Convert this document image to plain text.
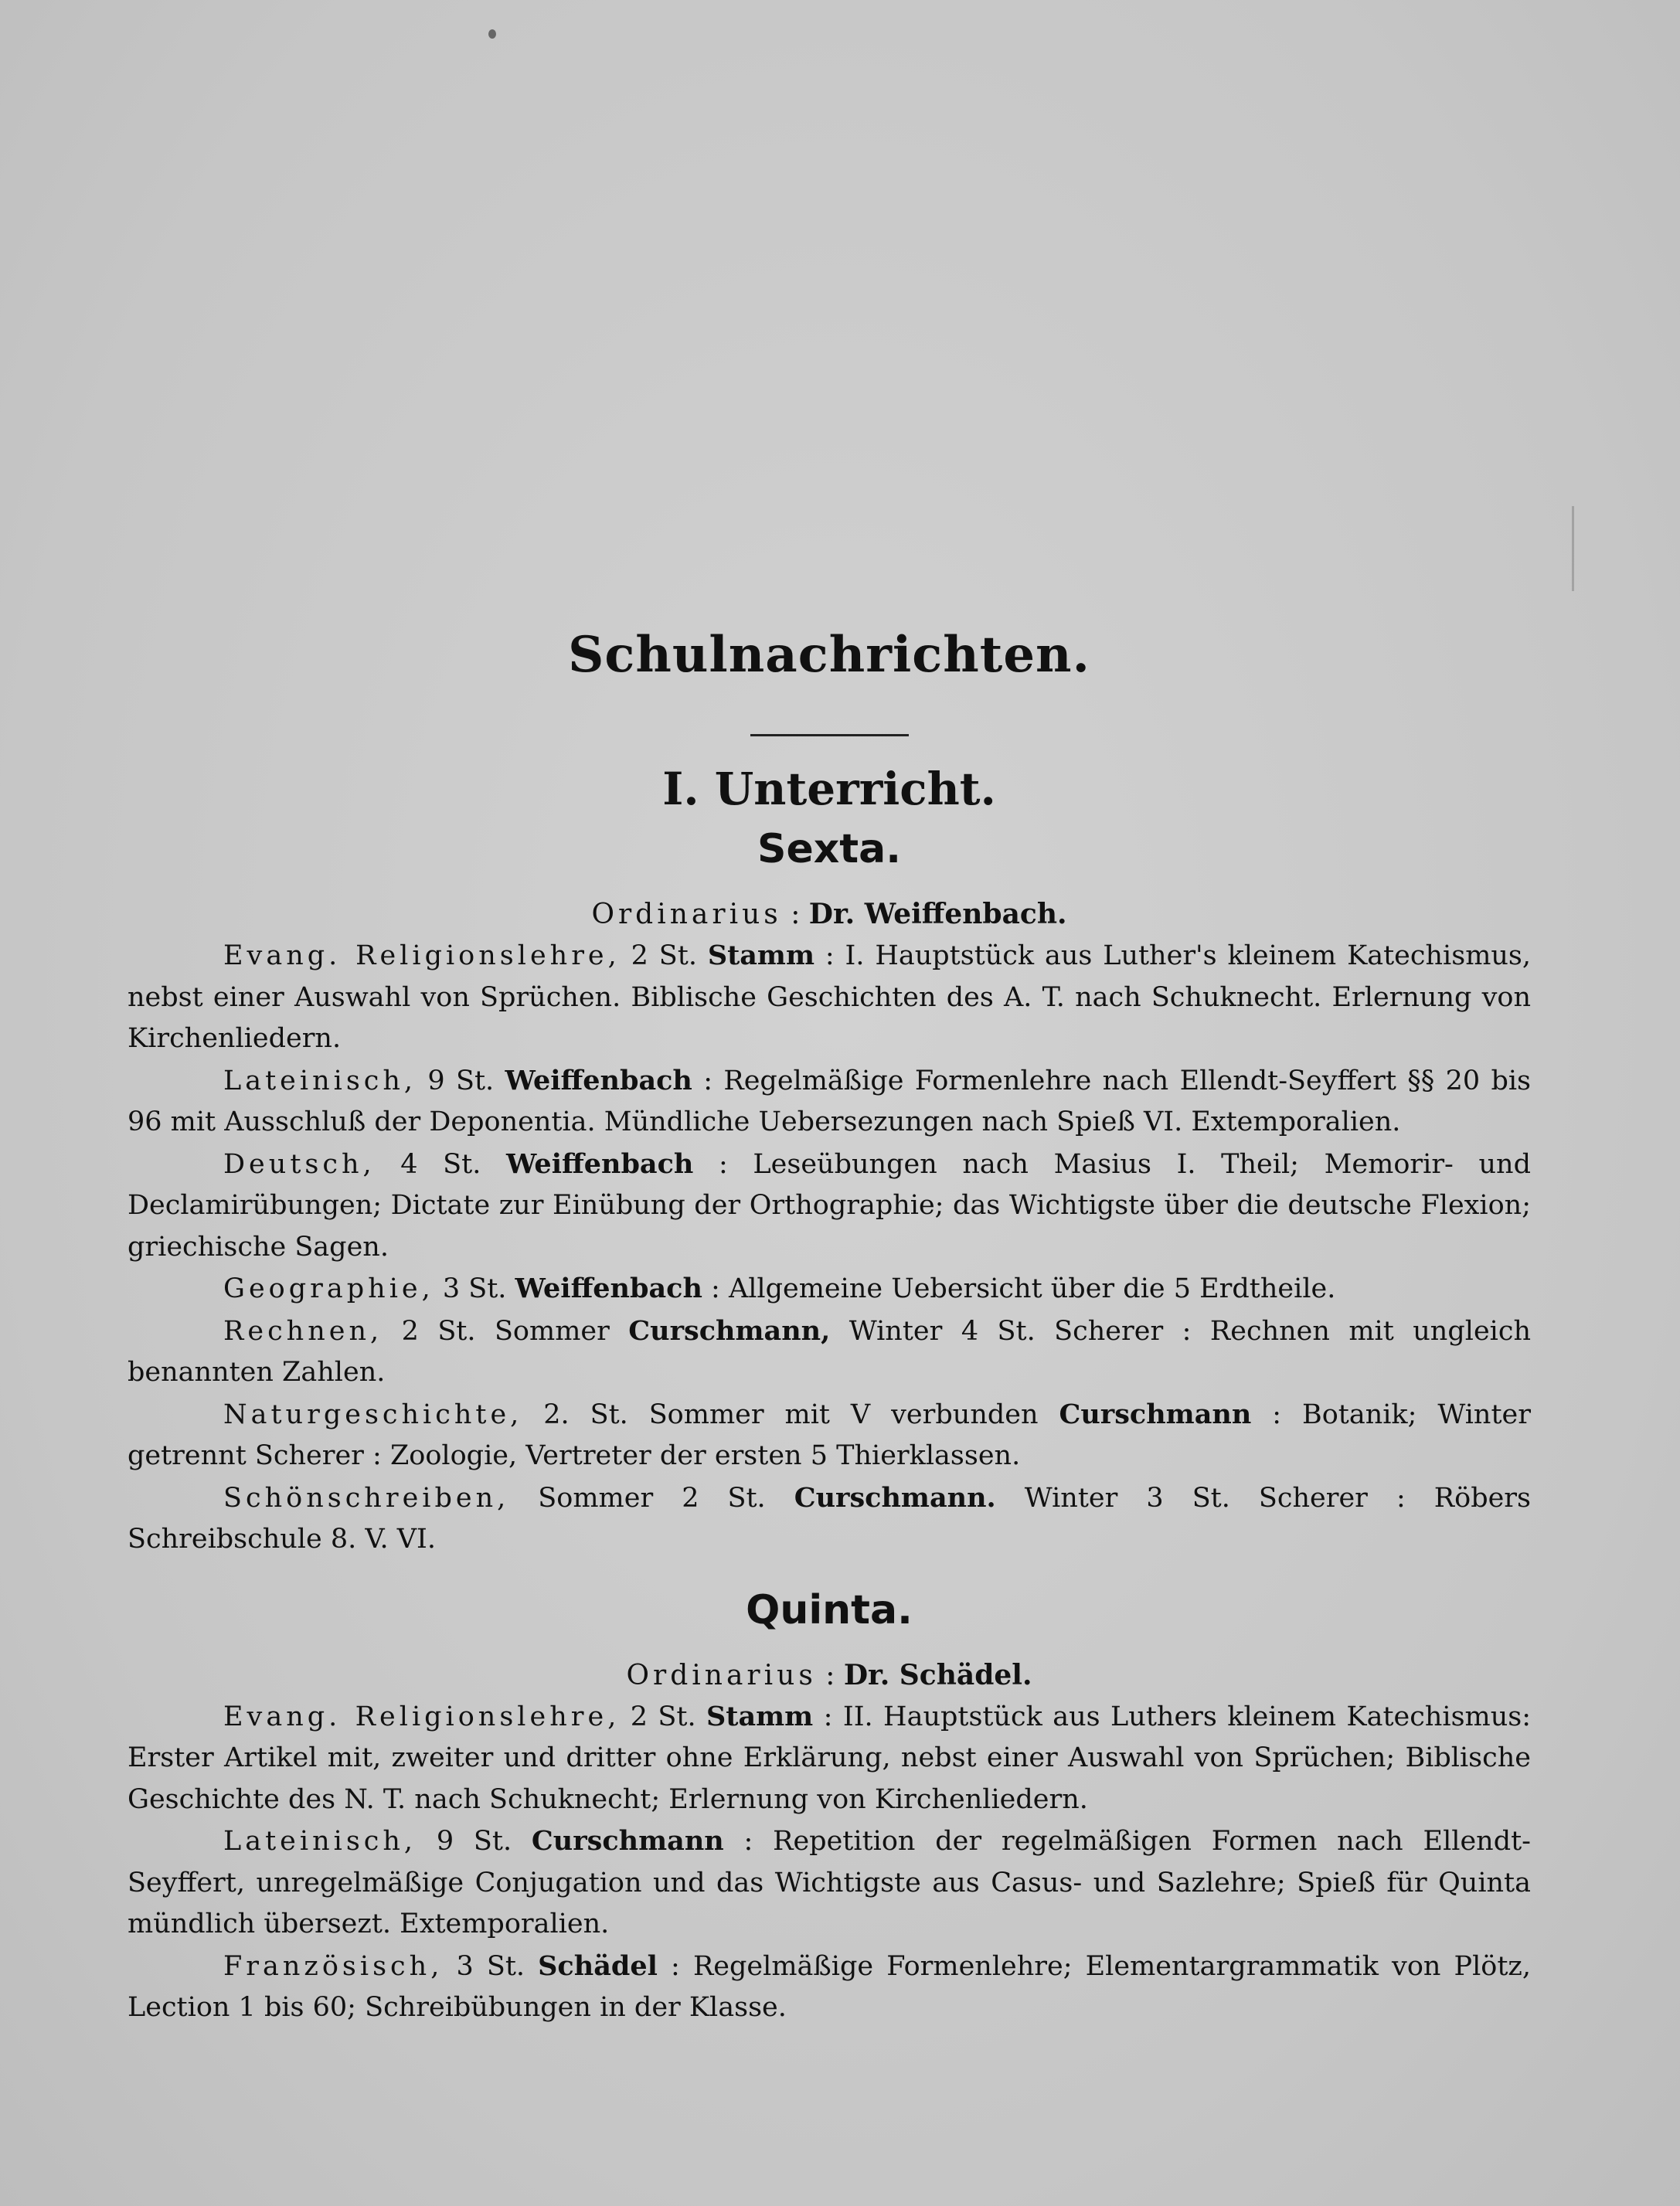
Schulnachrichten.
I. Unterricht.
Sexta.
Ordinarius : Dr. Weiffenbach.

Evang. Religionslehre, 2 St. Stamm : I. Hauptstück aus Luther's kleinem Katechismus, nebst einer Auswahl von Sprüchen. Biblische Geschichten des A. T. nach Schuknecht. Erlernung von Kirchenliedern.

Lateinisch, 9 St. Weiffenbach : Regelmäßige Formenlehre nach Ellendt-Seyffert §§ 20 bis 96 mit Ausschluß der Deponentia. Mündliche Uebersezungen nach Spieß VI. Extemporalien.

Deutsch, 4 St. Weiffenbach : Leseübungen nach Masius I. Theil; Memorir- und Declamirübungen; Dictate zur Einübung der Orthographie; das Wichtigste über die deutsche Flexion; griechische Sagen.

Geographie, 3 St. Weiffenbach : Allgemeine Uebersicht über die 5 Erdtheile.

Rechnen, 2 St. Sommer Curschmann, Winter 4 St. Scherer : Rechnen mit ungleich benannten Zahlen.

Naturgeschichte, 2. St. Sommer mit V verbunden Curschmann : Botanik; Winter getrennt Scherer : Zoologie, Vertreter der ersten 5 Thierklassen.

Schönschreiben, Sommer 2 St. Curschmann. Winter 3 St. Scherer : Röbers Schreibschule 8. V. VI.

Quinta.
Ordinarius : Dr. Schädel.

Evang. Religionslehre, 2 St. Stamm : II. Hauptstück aus Luthers kleinem Katechismus: Erster Artikel mit, zweiter und dritter ohne Erklärung, nebst einer Auswahl von Sprüchen; Biblische Geschichte des N. T. nach Schuknecht; Erlernung von Kirchenliedern.

Lateinisch, 9 St. Curschmann : Repetition der regelmäßigen Formen nach Ellendt-Seyffert, unregelmäßige Conjugation und das Wichtigste aus Casus- und Sazlehre; Spieß für Quinta mündlich übersezt. Extemporalien.

Französisch, 3 St. Schädel : Regelmäßige Formenlehre; Elementargrammatik von Plötz, Lection 1 bis 60; Schreibübungen in der Klasse.
